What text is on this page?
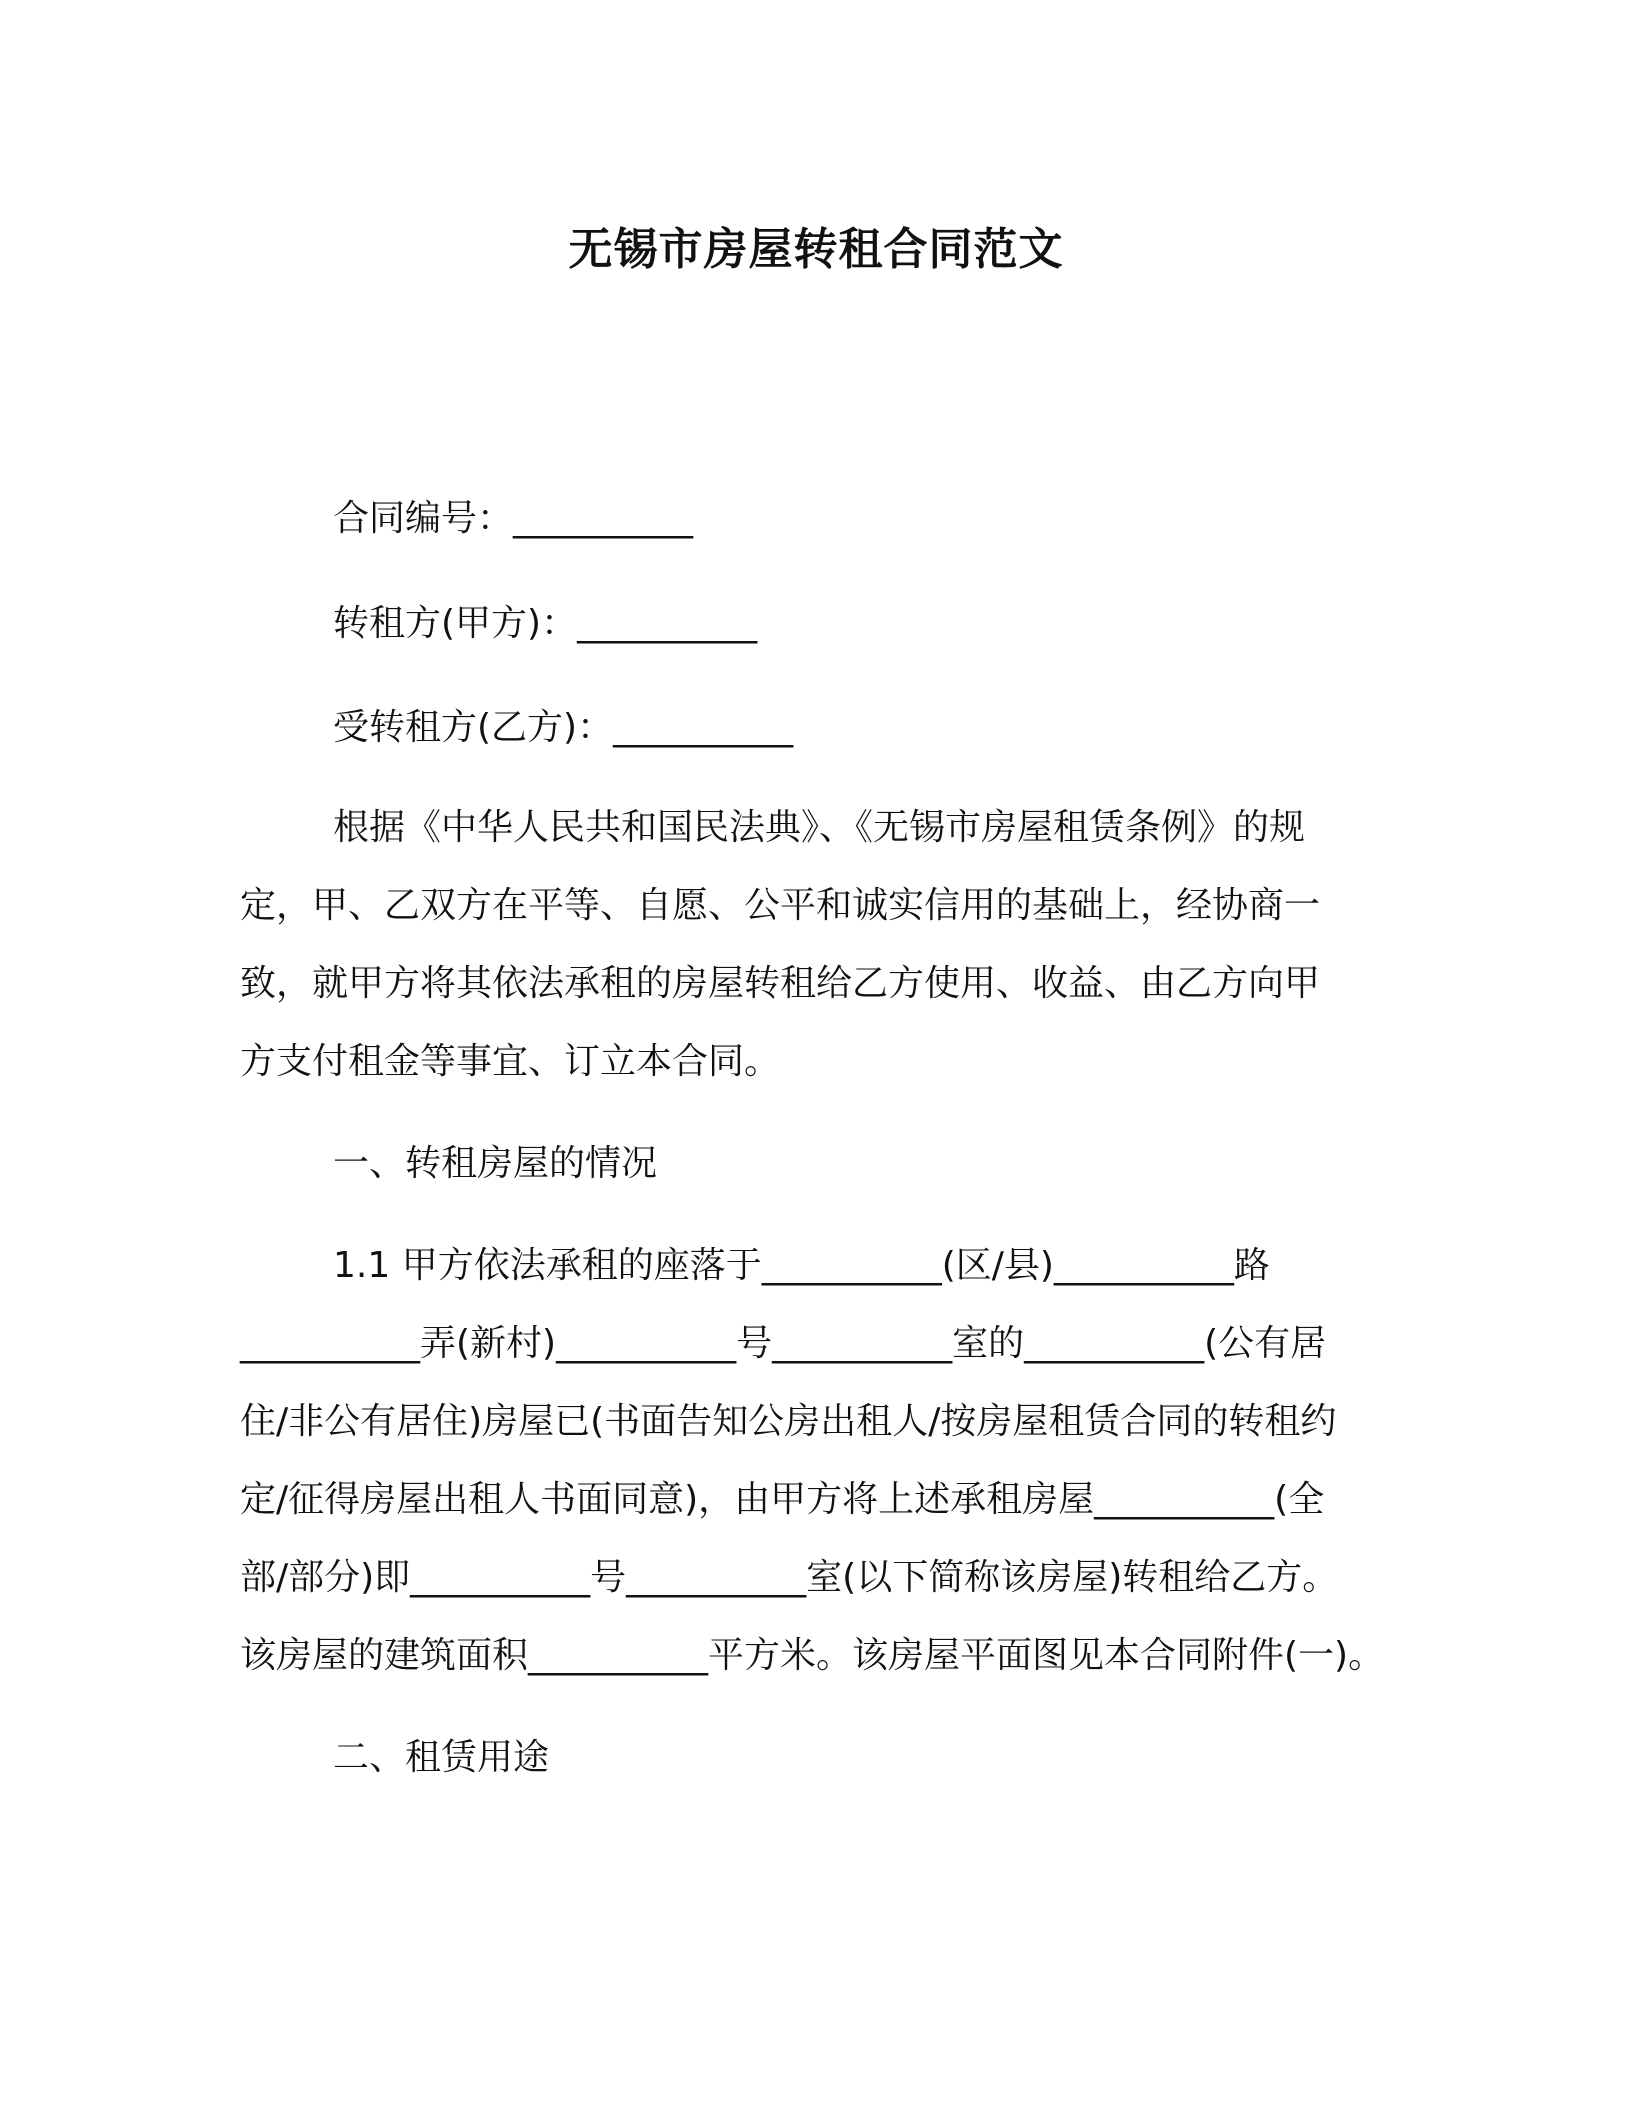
无锡市房屋转租合同范文
合同编号：__________
转租方(甲方)：__________
受转租方(乙方)：__________
根据《中华人民共和国民法典》、《无锡市房屋租赁条例》的规
定，甲、乙双方在平等、自愿、公平和诚实信用的基础上，经协商一
致，就甲方将其依法承租的房屋转租给乙方使用、收益、由乙方向甲
方支付租金等事宜、订立本合同。
一、转租房屋的情况
1.1 甲方依法承租的座落于__________(区/县)__________路
__________弄(新村)__________号__________室的__________(公有居
住/非公有居住)房屋已(书面告知公房出租人/按房屋租赁合同的转租约
定/征得房屋出租人书面同意)，由甲方将上述承租房屋__________(全
部/部分)即__________号__________室(以下简称该房屋)转租给乙方。
该房屋的建筑面积__________平方米。该房屋平面图见本合同附件(一)。
二、租赁用途
